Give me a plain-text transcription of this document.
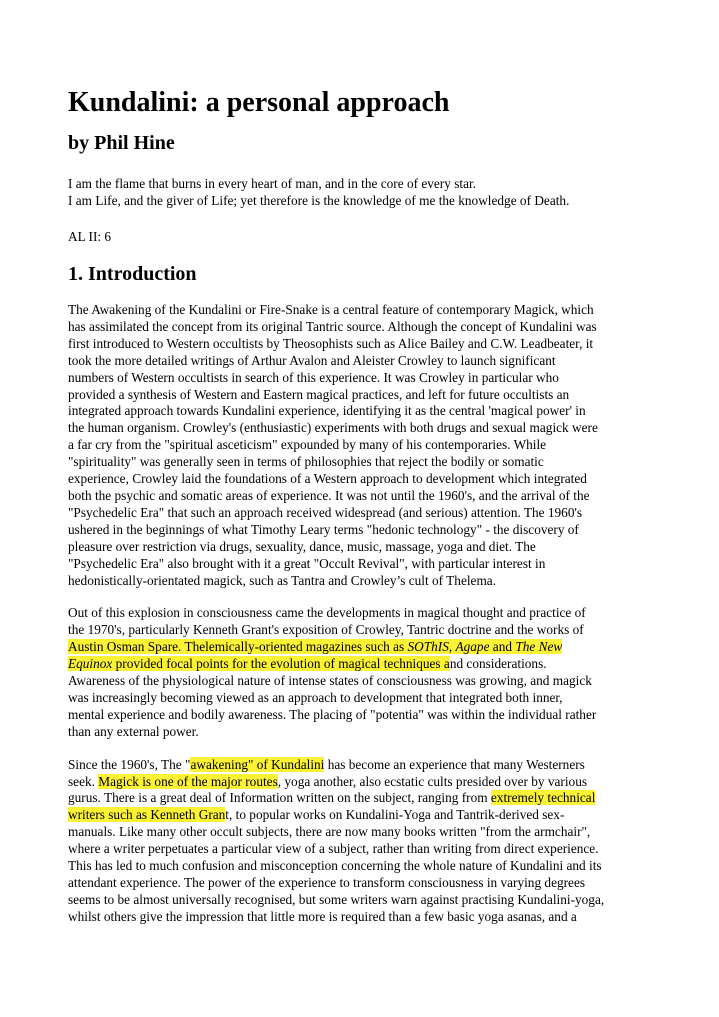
Kundalini: a personal approach
by Phil Hine
I am the flame that burns in every heart of man, and in the core of every star.
I am Life, and the giver of Life; yet therefore is the knowledge of me the knowledge of Death.
AL II: 6
1. Introduction
The Awakening of the Kundalini or Fire-Snake is a central feature of contemporary Magick, which
has assimilated the concept from its original Tantric source. Although the concept of Kundalini was
first introduced to Western occultists by Theosophists such as Alice Bailey and C.W. Leadbeater, it
took the more detailed writings of Arthur Avalon and Aleister Crowley to launch significant
numbers of Western occultists in search of this experience. It was Crowley in particular who
provided a synthesis of Western and Eastern magical practices, and left for future occultists an
integrated approach towards Kundalini experience, identifying it as the central 'magical power' in
the human organism. Crowley's (enthusiastic) experiments with both drugs and sexual magick were
a far cry from the "spiritual asceticism" expounded by many of his contemporaries. While
"spirituality" was generally seen in terms of philosophies that reject the bodily or somatic
experience, Crowley laid the foundations of a Western approach to development which integrated
both the psychic and somatic areas of experience. It was not until the 1960's, and the arrival of the
"Psychedelic Era" that such an approach received widespread (and serious) attention. The 1960's
ushered in the beginnings of what Timothy Leary terms "hedonic technology" - the discovery of
pleasure over restriction via drugs, sexuality, dance, music, massage, yoga and diet. The
"Psychedelic Era" also brought with it a great "Occult Revival", with particular interest in
hedonistically-orientated magick, such as Tantra and Crowley’s cult of Thelema.
Out of this explosion in consciousness came the developments in magical thought and practice of
the 1970's, particularly Kenneth Grant's exposition of Crowley, Tantric doctrine and the works of
Austin Osman Spare. Thelemically-oriented magazines such as SOThIS, Agape and The New
Equinox provided focal points for the evolution of magical techniques and considerations.
Awareness of the physiological nature of intense states of consciousness was growing, and magick
was increasingly becoming viewed as an approach to development that integrated both inner,
mental experience and bodily awareness. The placing of "potentia" was within the individual rather
than any external power.
Since the 1960's, The "awakening" of Kundalini has become an experience that many Westerners
seek. Magick is one of the major routes, yoga another, also ecstatic cults presided over by various
gurus. There is a great deal of Information written on the subject, ranging from extremely technical
writers such as Kenneth Grant, to popular works on Kundalini-Yoga and Tantrik-derived sex-
manuals. Like many other occult subjects, there are now many books written "from the armchair",
where a writer perpetuates a particular view of a subject, rather than writing from direct experience.
This has led to much confusion and misconception concerning the whole nature of Kundalini and its
attendant experience. The power of the experience to transform consciousness in varying degrees
seems to be almost universally recognised, but some writers warn against practising Kundalini-yoga,
whilst others give the impression that little more is required than a few basic yoga asanas, and a
